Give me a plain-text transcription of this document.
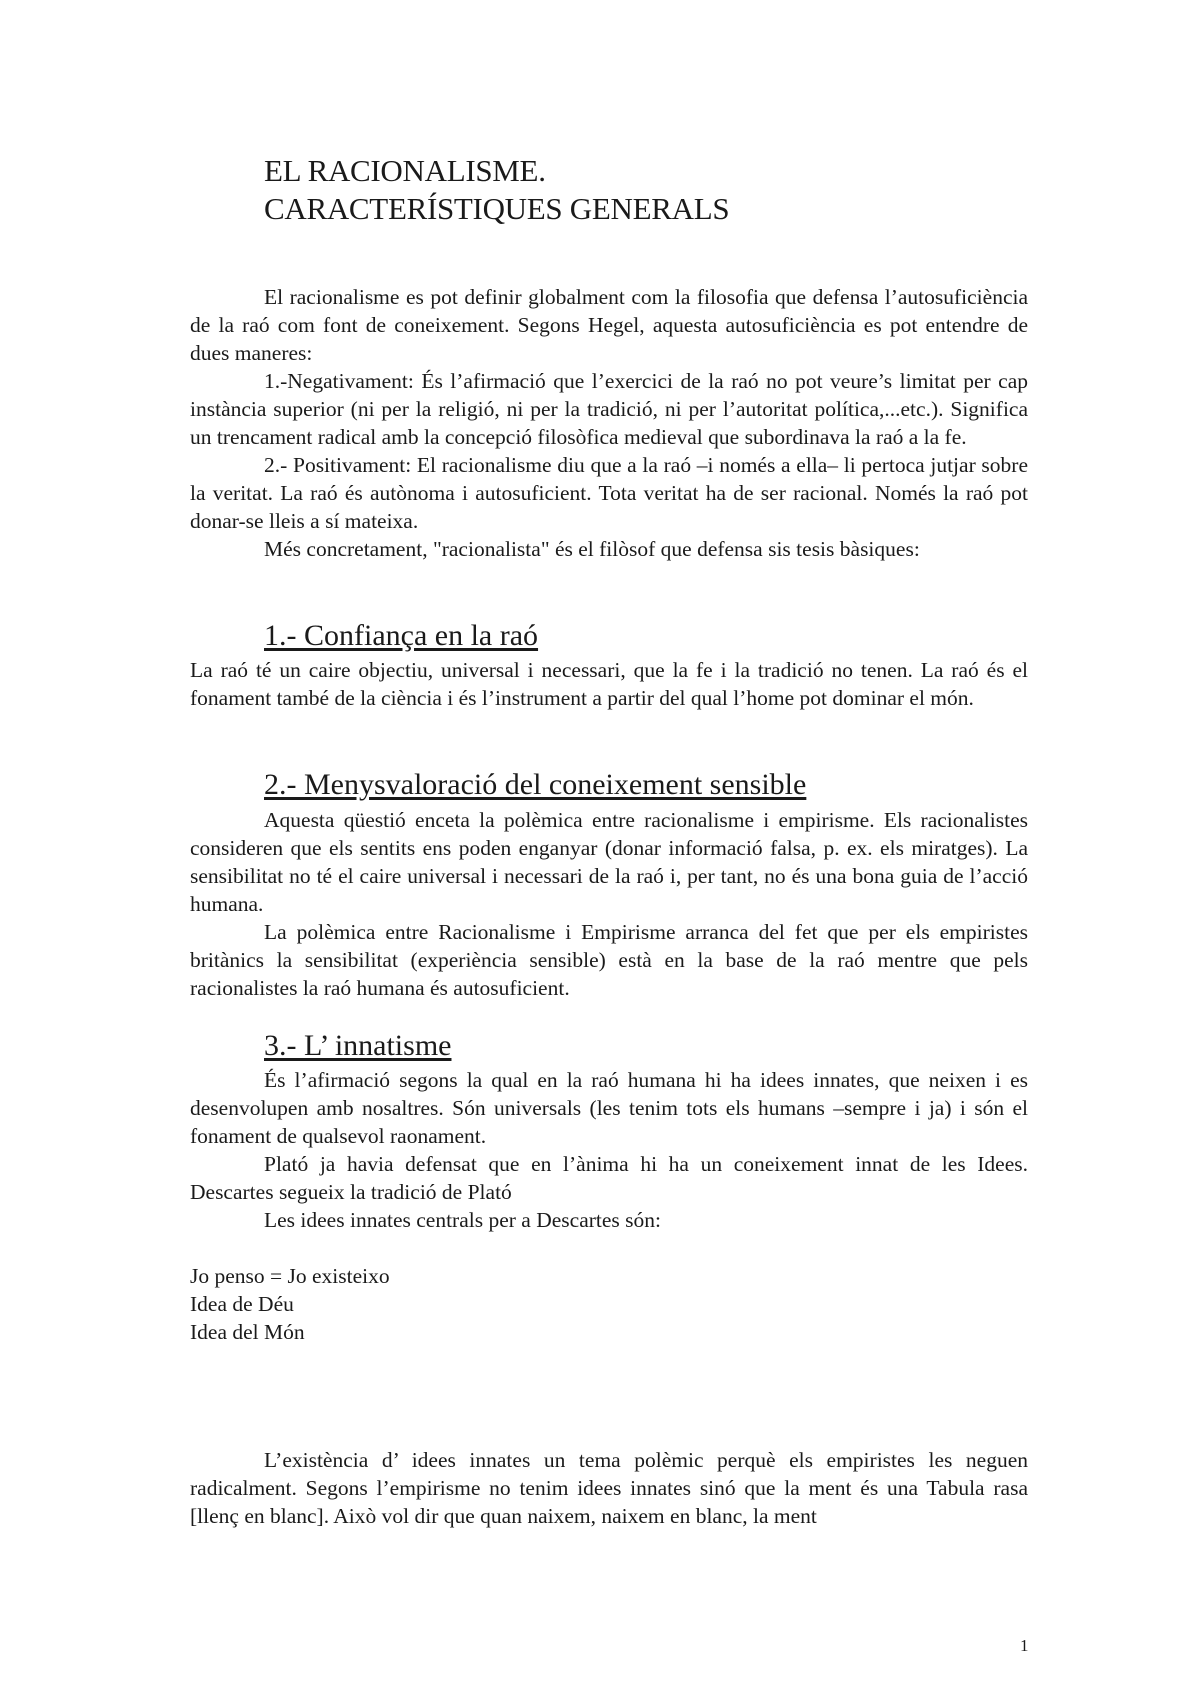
EL RACIONALISME.
CARACTERÍSTIQUES GENERALS

El racionalisme es pot definir globalment com la filosofia que defensa l’autosuficiència de la raó com font de coneixement. Segons Hegel, aquesta autosuficiència es pot entendre de dues maneres:

1.-Negativament: És l’afirmació que l’exercici de la raó no pot veure’s limitat per cap instància superior (ni per la religió, ni per la tradició, ni per l’autoritat política,...etc.). Significa un trencament radical amb la concepció filosòfica medieval que subordinava la raó a la fe.

2.- Positivament: El racionalisme diu que a la raó –i només a ella– li pertoca jutjar sobre la veritat. La raó és autònoma i autosuficient. Tota veritat ha de ser racional. Només la raó pot donar-se lleis a sí mateixa.

Més concretament, "racionalista" és el filòsof que defensa sis tesis bàsiques:

1.- Confiança en la raó

La raó té un caire objectiu, universal i necessari, que la fe i la tradició no tenen. La raó és el fonament també de la ciència i és l’instrument a partir del qual l’home pot dominar el món.

2.- Menysvaloració del coneixement sensible

Aquesta qüestió enceta la polèmica entre racionalisme i empirisme. Els racionalistes consideren que els sentits ens poden enganyar (donar informació falsa, p. ex. els miratges). La sensibilitat no té el caire universal i necessari de la raó i, per tant, no és una bona guia de l’acció humana.

La polèmica entre Racionalisme i Empirisme arranca del fet que per els empiristes britànics la sensibilitat (experiència sensible) està en la base de la raó mentre que pels racionalistes la raó humana és autosuficient.

3.- L’ innatisme

És l’afirmació segons la qual en la raó humana hi ha idees innates, que neixen i es desenvolupen amb nosaltres. Són universals (les tenim tots els humans –sempre i ja) i són el fonament de qualsevol raonament.

Plató ja havia defensat que en l’ànima hi ha un coneixement innat de les Idees. Descartes segueix la tradició de Plató

Les idees innates centrals per a Descartes són:

Jo penso = Jo existeixo

Idea de Déu

Idea del Món

L’existència d’ idees innates un tema polèmic perquè els empiristes les neguen radicalment. Segons l’empirisme no tenim idees innates sinó que la ment és una Tabula rasa [llenç en blanc]. Això vol dir que quan naixem, naixem en blanc, la ment

1
